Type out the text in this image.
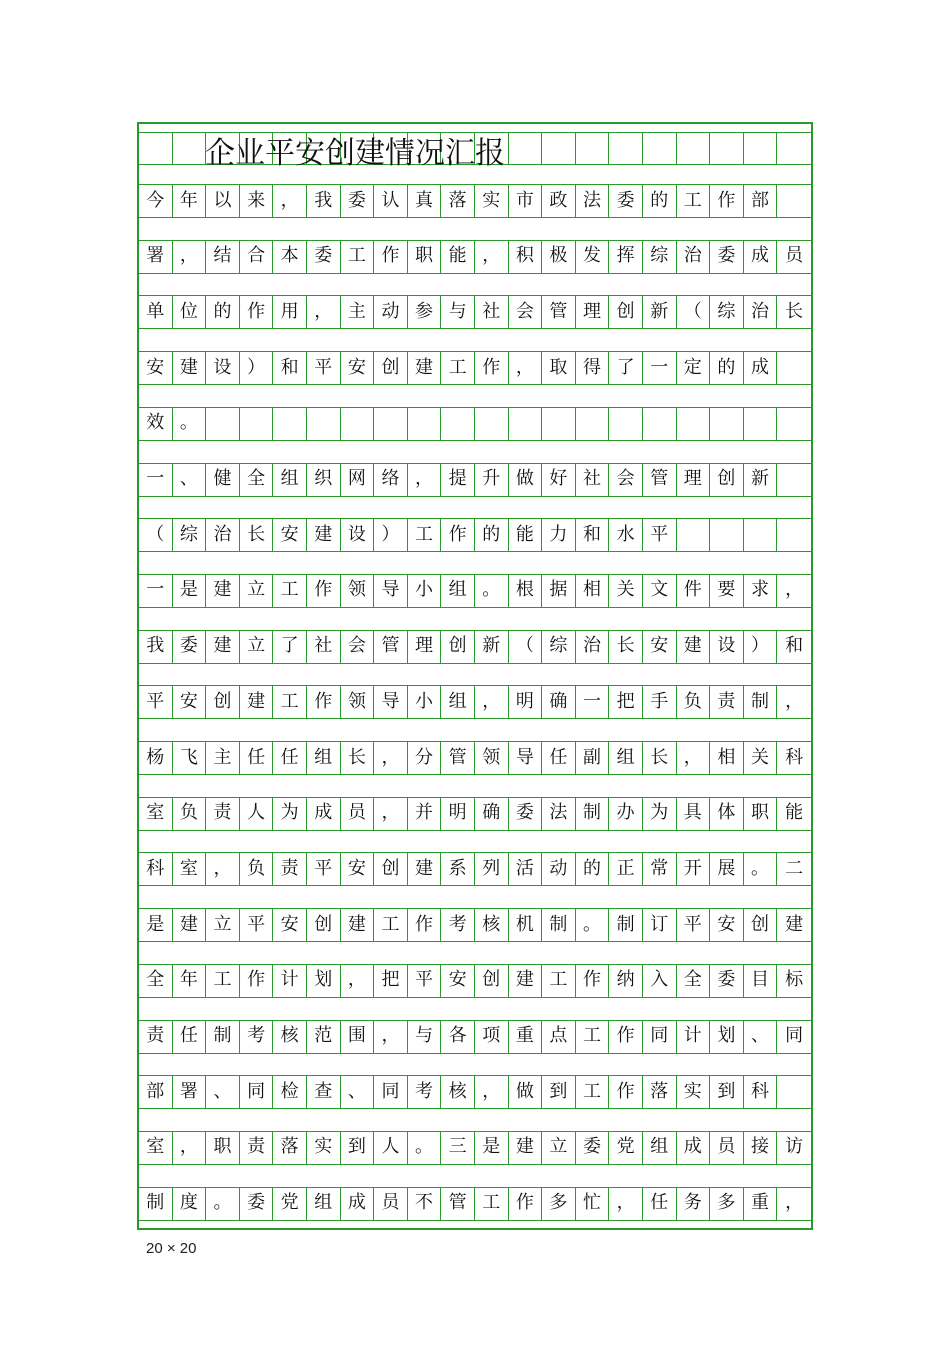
今 年 以 来 ， 我 委 认 真 落 实 市 政 法 委 的 工 作 部
署 ， 结 合 本 委 工 作 职 能 ， 积 极 发 挥 综 治 委 成 员
单 位 的 作 用 ， 主 动 参 与 社 会 管 理 创 新 （ 综 治 长
安 建 设 ） 和 平 安 创 建 工 作 ， 取 得 了 一 定 的 成
效 。
一 、 健 全 组 织 网 络 ， 提 升 做 好 社 会 管 理 创 新
（ 综 治 长 安 建 设 ） 工 作 的 能 力 和 水 平
一 是 建 立 工 作 领 导 小 组 。 根 据 相 关 文 件 要 求 ，
我 委 建 立 了 社 会 管 理 创 新 （ 综 治 长 安 建 设 ） 和
平 安 创 建 工 作 领 导 小 组 ， 明 确 一 把 手 负 责 制 ，
杨 飞 主 任 任 组 长 ， 分 管 领 导 任 副 组 长 ， 相 关 科
室 负 责 人 为 成 员 ， 并 明 确 委 法 制 办 为 具 体 职 能
科 室 ， 负 责 平 安 创 建 系 列 活 动 的 正 常 开 展 。 二
是 建 立 平 安 创 建 工 作 考 核 机 制 。 制 订 平 安 创 建
全 年 工 作 计 划 ， 把 平 安 创 建 工 作 纳 入 全 委 目 标
责 任 制 考 核 范 围 ， 与 各 项 重 点 工 作 同 计 划 、 同
部 署 、 同 检 查 、 同 考 核 ， 做 到 工 作 落 实 到 科
室 ， 职 责 落 实 到 人 。 三 是 建 立 委 党 组 成 员 接 访
制 度 。 委 党 组 成 员 不 管 工 作 多 忙 ， 任 务 多 重 ，
企业平安创建情况汇报
20 × 20
